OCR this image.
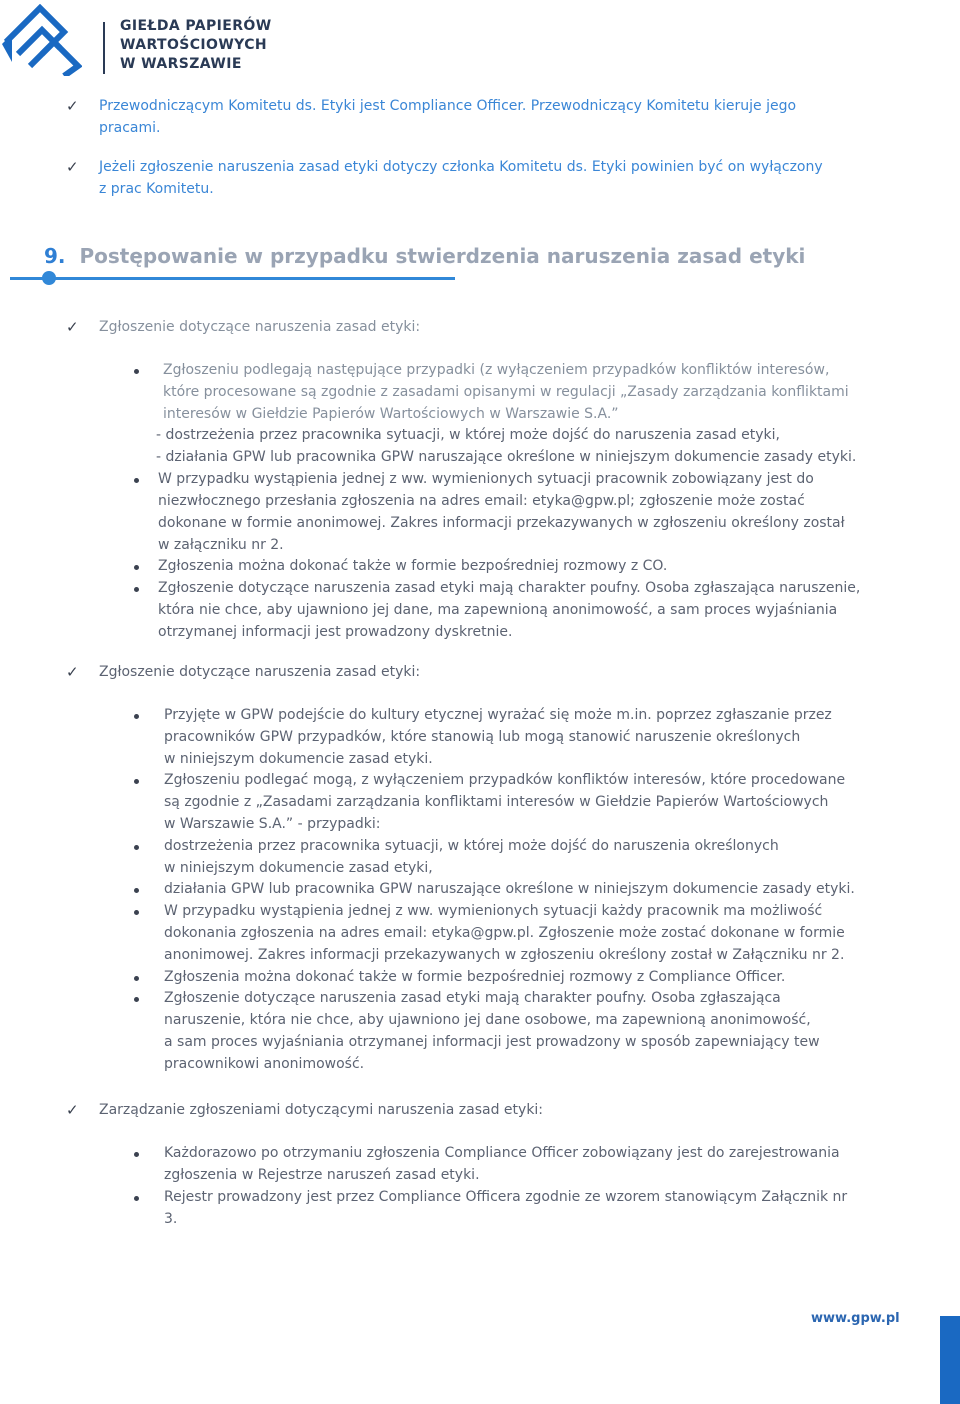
GIEŁDA PAPIERÓW
WARTOŚCIOWYCH
W WARSZAWIE
✓ Przewodniczącym Komitetu ds. Etyki jest Compliance Officer. Przewodniczący Komitetu kieruje jego
pracami.
✓ Jeżeli zgłoszenie naruszenia zasad etyki dotyczy członka Komitetu ds. Etyki powinien być on wyłączony
z prac Komitetu.
9. Postępowanie w przypadku stwierdzenia naruszenia zasad etyki
✓ Zgłoszenie dotyczące naruszenia zasad etyki:
Zgłoszeniu podlegają następujące przypadki (z wyłączeniem przypadków konfliktów interesów,
które procesowane są zgodnie z zasadami opisanymi w regulacji „Zasady zarządzania konfliktami
interesów w Giełdzie Papierów Wartościowych w Warszawie S.A.”
- dostrzeżenia przez pracownika sytuacji, w której może dojść do naruszenia zasad etyki,
- działania GPW lub pracownika GPW naruszające określone w niniejszym dokumencie zasady etyki.
W przypadku wystąpienia jednej z ww. wymienionych sytuacji pracownik zobowiązany jest do
niezwłocznego przesłania zgłoszenia na adres email: etyka@gpw.pl; zgłoszenie może zostać
dokonane w formie anonimowej. Zakres informacji przekazywanych w zgłoszeniu określony został
w załączniku nr 2.
Zgłoszenia można dokonać także w formie bezpośredniej rozmowy z CO.
Zgłoszenie dotyczące naruszenia zasad etyki mają charakter poufny. Osoba zgłaszająca naruszenie,
która nie chce, aby ujawniono jej dane, ma zapewnioną anonimowość, a sam proces wyjaśniania
otrzymanej informacji jest prowadzony dyskretnie.
✓ Zgłoszenie dotyczące naruszenia zasad etyki:
Przyjęte w GPW podejście do kultury etycznej wyrażać się może m.in. poprzez zgłaszanie przez
pracowników GPW przypadków, które stanowią lub mogą stanowić naruszenie określonych
w niniejszym dokumencie zasad etyki.
Zgłoszeniu podlegać mogą, z wyłączeniem przypadków konfliktów interesów, które procedowane
są zgodnie z „Zasadami zarządzania konfliktami interesów w Giełdzie Papierów Wartościowych
w Warszawie S.A.” - przypadki:
dostrzeżenia przez pracownika sytuacji, w której może dojść do naruszenia określonych
w niniejszym dokumencie zasad etyki,
działania GPW lub pracownika GPW naruszające określone w niniejszym dokumencie zasady etyki.
W przypadku wystąpienia jednej z ww. wymienionych sytuacji każdy pracownik ma możliwość
dokonania zgłoszenia na adres email: etyka@gpw.pl. Zgłoszenie może zostać dokonane w formie
anonimowej. Zakres informacji przekazywanych w zgłoszeniu określony został w Załączniku nr 2.
Zgłoszenia można dokonać także w formie bezpośredniej rozmowy z Compliance Officer.
Zgłoszenie dotyczące naruszenia zasad etyki mają charakter poufny. Osoba zgłaszająca
naruszenie, która nie chce, aby ujawniono jej dane osobowe, ma zapewnioną anonimowość,
a sam proces wyjaśniania otrzymanej informacji jest prowadzony w sposób zapewniający tew
pracownikowi anonimowość.
✓ Zarządzanie zgłoszeniami dotyczącymi naruszenia zasad etyki:
Każdorazowo po otrzymaniu zgłoszenia Compliance Officer zobowiązany jest do zarejestrowania
zgłoszenia w Rejestrze naruszeń zasad etyki.
Rejestr prowadzony jest przez Compliance Officera zgodnie ze wzorem stanowiącym Załącznik nr
3.
www.gpw.pl
